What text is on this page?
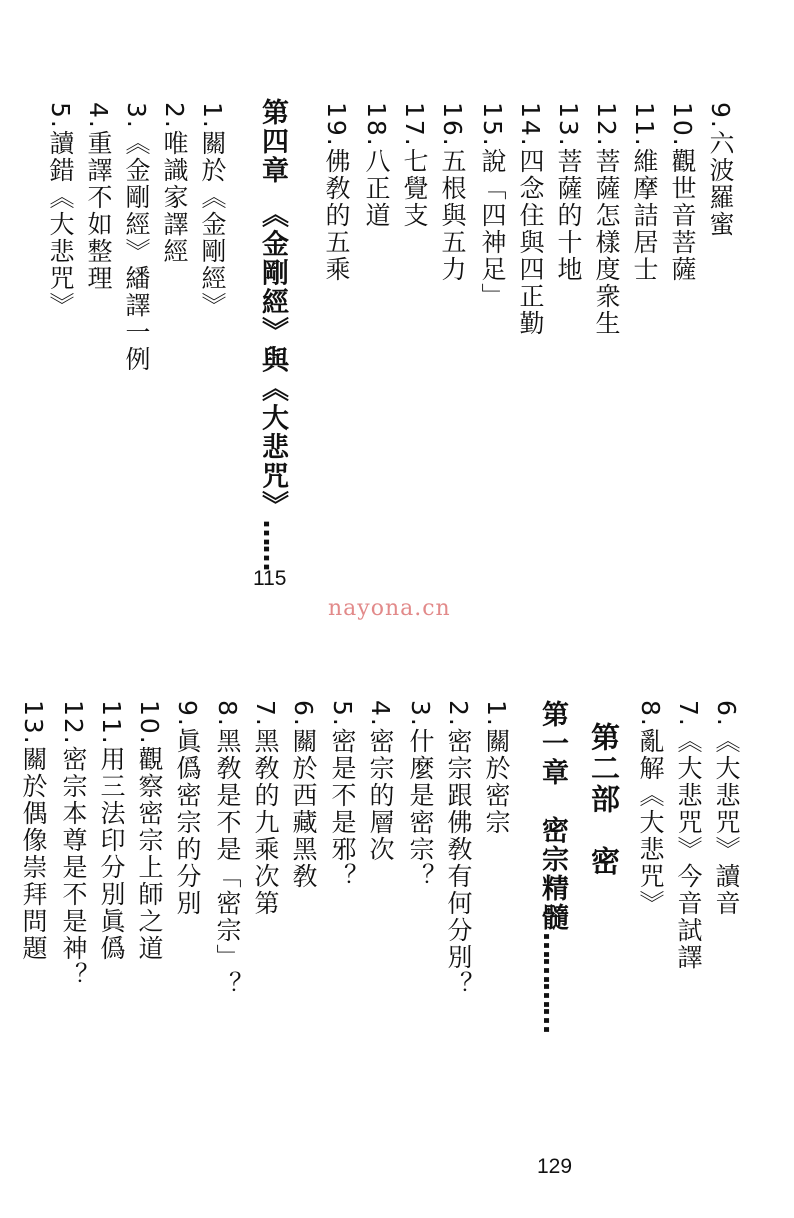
9.六波羅蜜
10.觀世音菩薩
11.維摩詰居士
12.菩薩怎樣度衆生
13.菩薩的十地
14.四念住與四正勤
15.說「四神足」
16.五根與五力
17.七覺支
18.八正道
19.佛敎的五乘
第四章　《金剛經》與《大悲咒》……
115
1.關於《金剛經》
2.唯識家譯經
3.《金剛經》繙譯一例
4.重譯不如整理
5.讀錯《大悲咒》
nayona.cn
6.《大悲咒》讀音
7.《大悲咒》今音試譯
8.亂解《大悲咒》
第二部　密
第一章　密宗精髓…………
129
1.關於密宗
2.密宗跟佛敎有何分別？
3.什麼是密宗？
4.密宗的層次
5.密是不是邪？
6.關於西藏黑敎
7.黑敎的九乘次第
8.黑敎是不是「密宗」？
9.眞僞密宗的分別
10.觀察密宗上師之道
11.用三法印分別眞僞
12.密宗本尊是不是神？
13.關於偶像崇拜問題
